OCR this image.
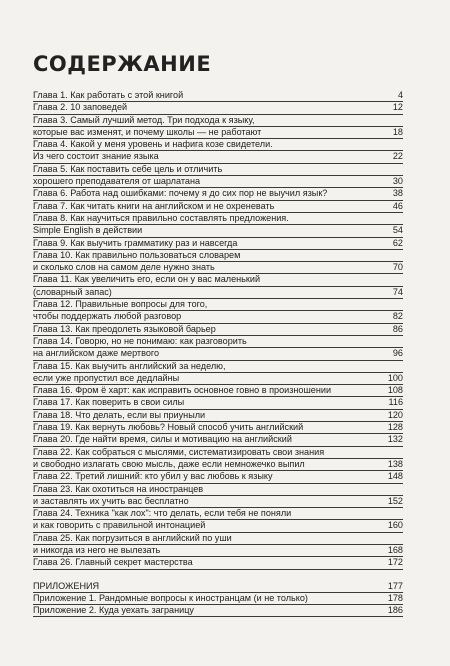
СОДЕРЖАНИЕ
Глава 1. Как работать с этой книгой	4
Глава 2. 10 заповедей	12
Глава 3. Самый лучший метод. Три подхода к языку,
которые вас изменят, и почему школы — не работают	18
Глава 4. Какой у меня уровень и нафига козе свидетели.
Из чего состоит знание языка	22
Глава 5. Как поставить себе цель и отличить
хорошего преподавателя от шарлатана	30
Глава 6. Работа над ошибками: почему я до сих пор не выучил язык?	38
Глава 7. Как читать книги на английском и не охреневать	46
Глава 8. Как научиться правильно составлять предложения.
Simple English в действии	54
Глава 9. Как выучить грамматику раз и навсегда	62
Глава 10. Как правильно пользоваться словарем
и сколько слов на самом деле нужно знать	70
Глава 11. Как увеличить его, если он у вас маленький
(словарный запас)	74
Глава 12. Правильные вопросы для того,
чтобы поддержать любой разговор	82
Глава 13. Как преодолеть языковой барьер	86
Глава 14. Говорю, но не понимаю: как разговорить
на английском даже мертвого	96
Глава 15. Как выучить английский за неделю,
если уже пропустил все дедлайны	100
Глава 16. Фром ё харт: как исправить основное говно в произношении	108
Глава 17. Как поверить в свои силы	116
Глава 18. Что делать, если вы приуныли	120
Глава 19. Как вернуть любовь? Новый способ учить английский	128
Глава 20. Где найти время, силы и мотивацию на английский	132
Глава 22. Как собраться с мыслями, систематизировать свои знания
и свободно излагать свою мысль, даже если немножечко выпил	138
Глава 22. Третий лишний: кто убил у вас любовь к языку	148
Глава 23. Как охотиться на иностранцев
и заставлять их учить вас бесплатно	152
Глава 24. Техника "как лох": что делать, если тебя не поняли
и как говорить с правильной интонацией	160
Глава 25. Как погрузиться в английский по уши
и никогда из него не вылезать	168
Глава 26. Главный секрет мастерства	172
ПРИЛОЖЕНИЯ	177
Приложение 1. Рандомные вопросы к иностранцам (и не только)	178
Приложение 2. Куда уехать заграницу	186
